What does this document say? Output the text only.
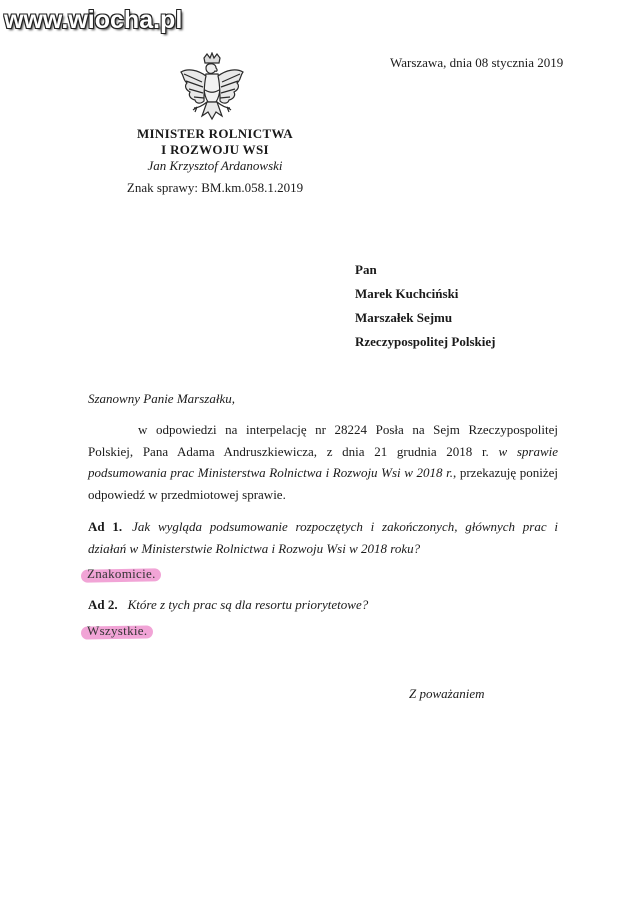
www.wiocha.pl
Warszawa, dnia 08 stycznia 2019
MINISTER ROLNICTWA
I ROZWOJU WSI
Jan Krzysztof Ardanowski
Znak sprawy: BM.km.058.1.2019
Pan
Marek Kuchciński
Marszałek Sejmu
Rzeczypospolitej Polskiej
Szanowny Panie Marszałku,
w odpowiedzi na interpelację nr 28224 Posła na Sejm Rzeczypospolitej Polskiej, Pana Adama Andruszkiewicza, z dnia 21 grudnia 2018 r. w sprawie podsumowania prac Ministerstwa Rolnictwa i Rozwoju Wsi w 2018 r., przekazuję poniżej odpowiedź w przedmiotowej sprawie.
Ad 1. Jak wygląda podsumowanie rozpoczętych i zakończonych, głównych prac i działań w Ministerstwie Rolnictwa i Rozwoju Wsi w 2018 roku?
Znakomicie.
Ad 2. Które z tych prac są dla resortu priorytetowe?
Wszystkie.
Z poważaniem
